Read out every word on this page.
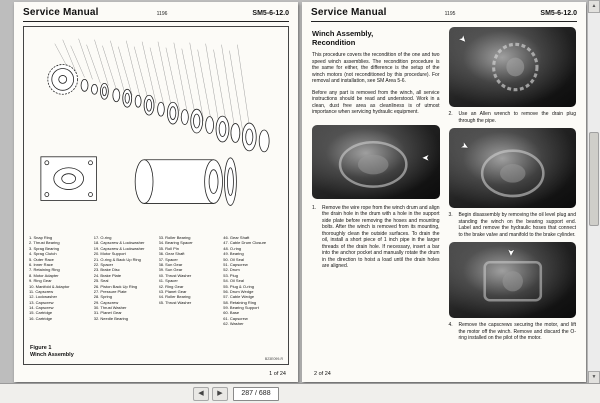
Service Manual	1196	SM5-6-12.0
1. Snap Ring
2. Thrust Bearing
3. Sprag Bearing
4. Sprag Clutch
5. Outer Race
6. Inner Race
7. Retaining Ring
8. Motor Adapter
9. Ring Gear
10. Manifold & Adaptor
11. Capscrew
12. Lockwasher
13. Capscrew
14. Capscrew
15. Cartridge
16. Cartridge
17. O-ring
18. Capscrew & Lockwasher
19. Capscrew & Lockwasher
20. Motor Support
21. O-ring & Back Up Ring
22. Spacer
23. Brake Disc
24. Brake Plate
25. Seal
26. Piston Back Up Ring
27. Pressure Plate
28. Spring
29. Capscrew
30. Thrust Washer
31. Planet Gear
32. Needle Bearing
33. Roller Bearing
34. Bearing Spacer
35. Roll Pin
36. Gear Shaft
37. Spacer
38. Sun Gear
39. Sun Gear
40. Thrust Washer
41. Spacer
42. Ring Gear
43. Planet Gear
44. Roller Bearing
45. Thrust Washer
46. Gear Shaft
47. Cable Drum Closure
48. O-ring
49. Bearing
50. Oil Seal
51. Capscrew
52. Drum
53. Plug
54. Oil Seal
55. Plug & O-ring
56. Drum Wedge
57. Cable Wedge
58. Retaining Ring
59. Bearing Support
60. Base
61. Capscrew
62. Washer
Figure 1
Winch Assembly
B23E099-R
1 of 24
Service Manual	1195	SM5-6-12.0
Winch Assembly,
Recondition

This procedure covers the recondition of the one and two speed winch assemblies. The recondition procedure is the same for either, the difference is the setup of the winch motors (not reconditioned by this procedure). For removal and installation, see SM Area 5-6.

Before any part is removed from the winch, all service instructions should be read and understood. Work in a clean, dust free area as cleanliness is of utmost importance when servicing hydraulic equipment.

➤
1.	Remove the wire rope from the winch drum and align the drain hole in the drum with a hole in the support side plate before removing the hoses and mounting bolts. After the winch is removed from its mounting, thoroughly clean the outside surfaces. To drain the oil, install a short piece of 1 inch pipe in the larger threads of the drain hole. If necessary, insert a bar into the anchor pocket and manually rotate the drum in the direction to hoist a load until the drain holes are aligned.
➤
2.	Use an Allen wrench to remove the drain plug through the pipe.
➤
3.	Begin disassembly by removing the oil level plug and standing the winch on the bearing support end. Label and remove the hydraulic hoses that connect to the brake valve and manifold to the brake cylinder.
➤
4.	Remove the capscrews securing the motor, and lift the motor off the winch. Remove and discard the O-ring installed on the pilot of the motor.
2 of 24
▲
▼
◀	▶
287 / 688
